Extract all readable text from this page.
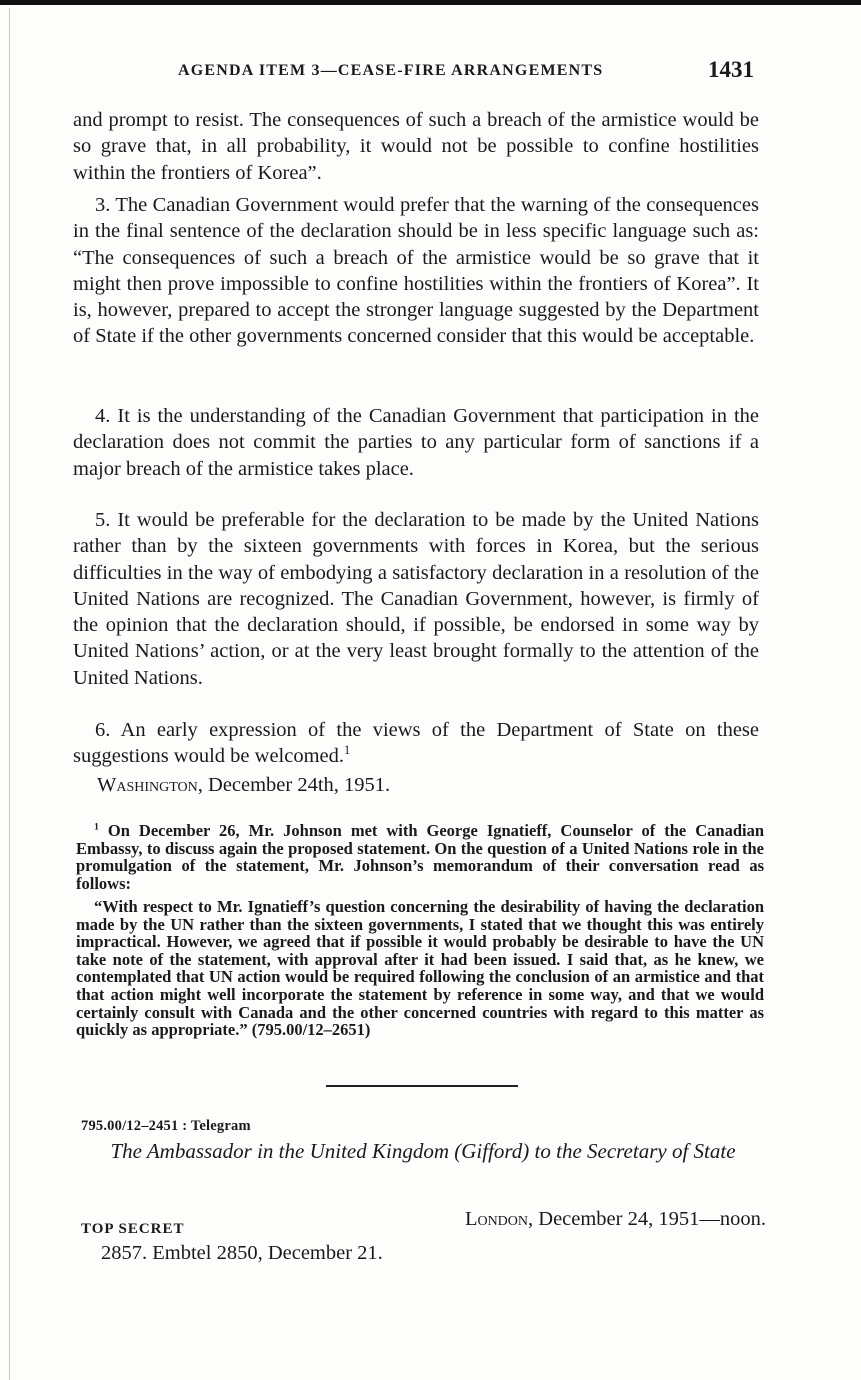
AGENDA ITEM 3—CEASE-FIRE ARRANGEMENTS	1431

and prompt to resist. The consequences of such a breach of the armistice would be so grave that, in all probability, it would not be possible to confine hostilities within the frontiers of Korea”.

3. The Canadian Government would prefer that the warning of the consequences in the final sentence of the declaration should be in less specific language such as: “The consequences of such a breach of the armistice would be so grave that it might then prove impossible to confine hostilities within the frontiers of Korea”. It is, however, prepared to accept the stronger language suggested by the Department of State if the other governments concerned consider that this would be acceptable.

4. It is the understanding of the Canadian Government that participation in the declaration does not commit the parties to any particular form of sanctions if a major breach of the armistice takes place.

5. It would be preferable for the declaration to be made by the United Nations rather than by the sixteen governments with forces in Korea, but the serious difficulties in the way of embodying a satisfactory declaration in a resolution of the United Nations are recognized. The Canadian Government, however, is firmly of the opinion that the declaration should, if possible, be endorsed in some way by United Nations’ action, or at the very least brought formally to the attention of the United Nations.

6. An early expression of the views of the Department of State on these suggestions would be welcomed.$^1$

Washington, December 24th, 1951.

$^1$ On December 26, Mr. Johnson met with George Ignatieff, Counselor of the Canadian Embassy, to discuss again the proposed statement. On the question of a United Nations role in the promulgation of the statement, Mr. Johnson’s memorandum of their conversation read as follows:

“With respect to Mr. Ignatieff’s question concerning the desirability of having the declaration made by the UN rather than the sixteen governments, I stated that we thought this was entirely impractical. However, we agreed that if possible it would probably be desirable to have the UN take note of the statement, with approval after it had been issued. I said that, as he knew, we contemplated that UN action would be required following the conclusion of an armistice and that that action might well incorporate the statement by reference in some way, and that we would certainly consult with Canada and the other concerned countries with regard to this matter as quickly as appropriate.” (795.00/12–2651)

795.00/12–2451 : Telegram
The Ambassador in the United Kingdom (Gifford) to the Secretary of State
TOP SECRET	London, December 24, 1951—noon.
2857. Embtel 2850, December 21.
